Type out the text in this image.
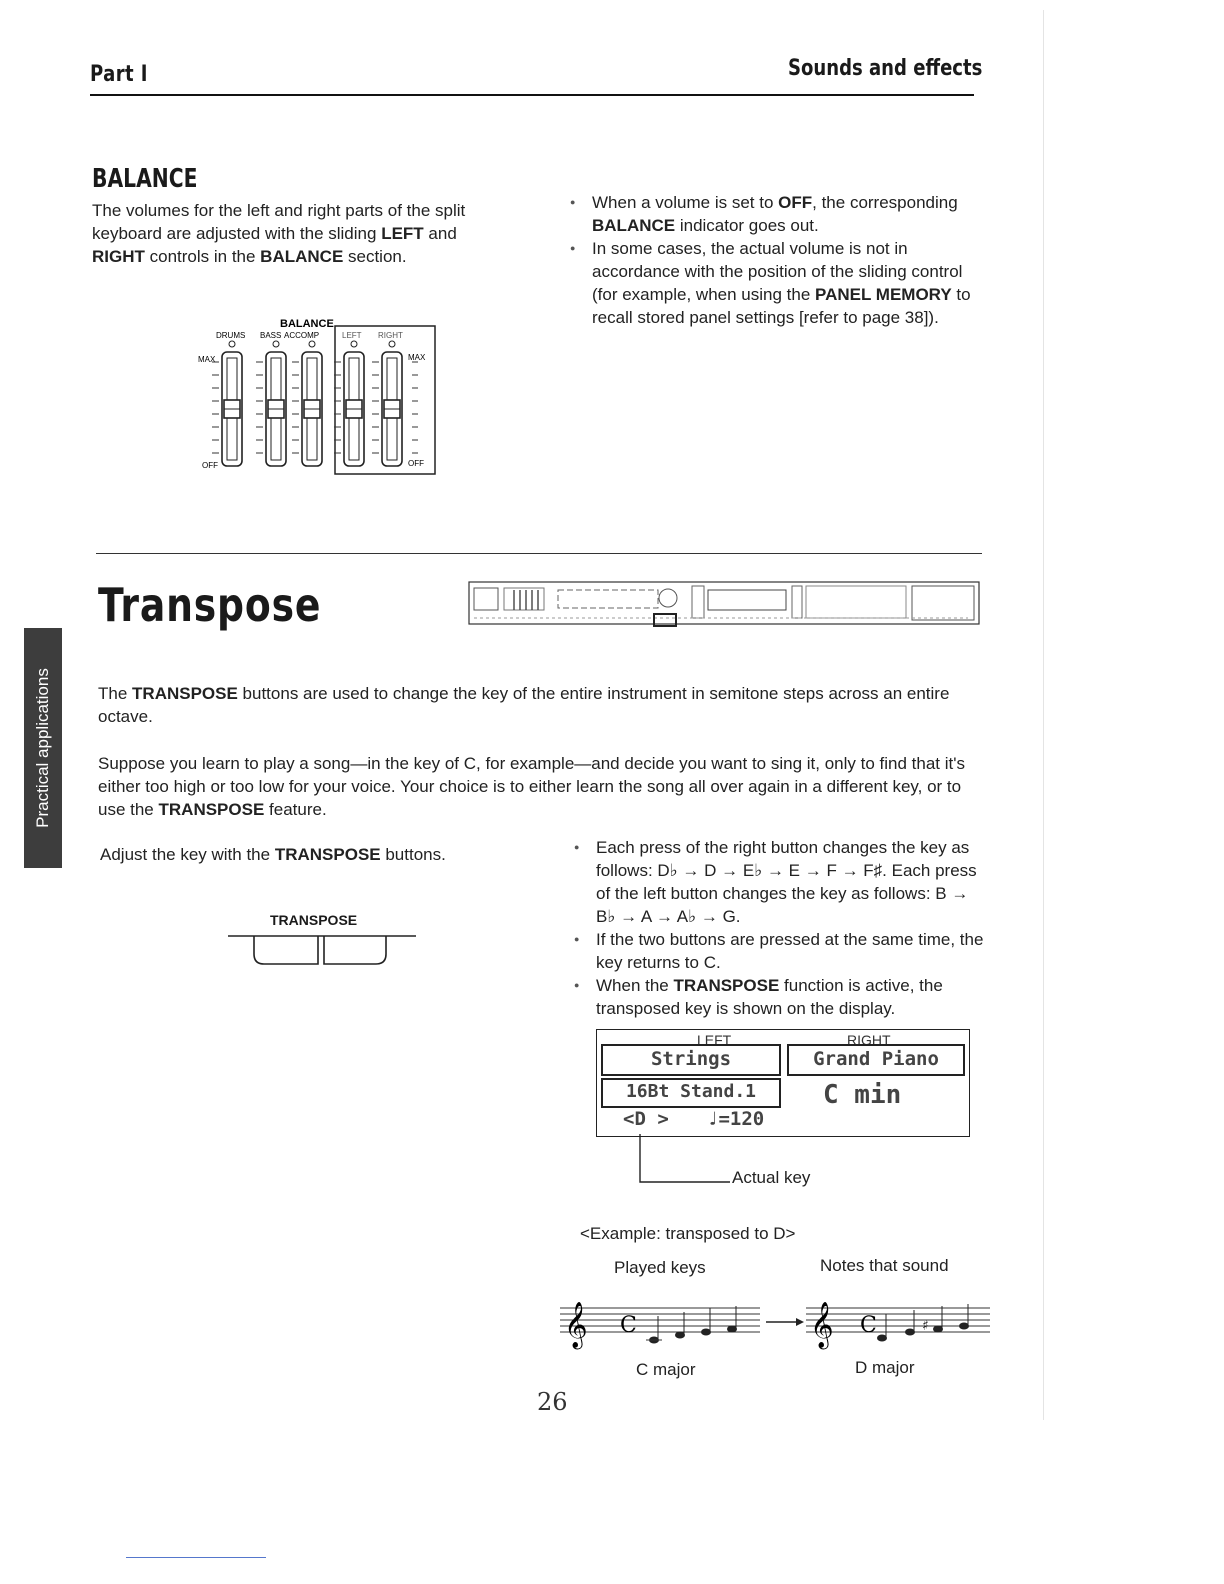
Part I	Sounds and effects
BALANCE
The volumes for the left and right parts of the split keyboard are adjusted with the sliding LEFT and RIGHT controls in the BALANCE section.
● When a volume is set to OFF, the corresponding BALANCE indicator goes out.
● In some cases, the actual volume is not in accordance with the position of the sliding control (for example, when using the PANEL MEMORY to recall stored panel settings [refer to page 38]).
BALANCE
DRUMS BASS ACCOMP	LEFT RIGHT
MAX	MAX
OFF	OFF
Transpose
Practical applications	The TRANSPOSE buttons are used to change the key of the entire instrument in semitone steps across an entire octave.
Suppose you learn to play a song—in the key of C, for example—and decide you want to sing it, only to find that it's either too high or too low for your voice. Your choice is to either learn the song all over again in a different key, or to use the TRANSPOSE feature.
Adjust the key with the TRANSPOSE buttons.
TRANSPOSE
● Each press of the right button changes the key as follows: D♭ → D → E♭ → E → F → F♯. Each press of the left button changes the key as follows: B → B♭ → A → A♭ → G.
● If the two buttons are pressed at the same time, the key returns to C.
● When the TRANSPOSE function is active, the transposed key is shown on the display.
LEFT	RIGHT
Strings	Grand Piano
16Bt Stand.1	C min
<D > ♩=120
Actual key
<Example: transposed to D>
Played keys	Notes that sound
𝄞 C	𝄞 C	♯
C major	D major
26
